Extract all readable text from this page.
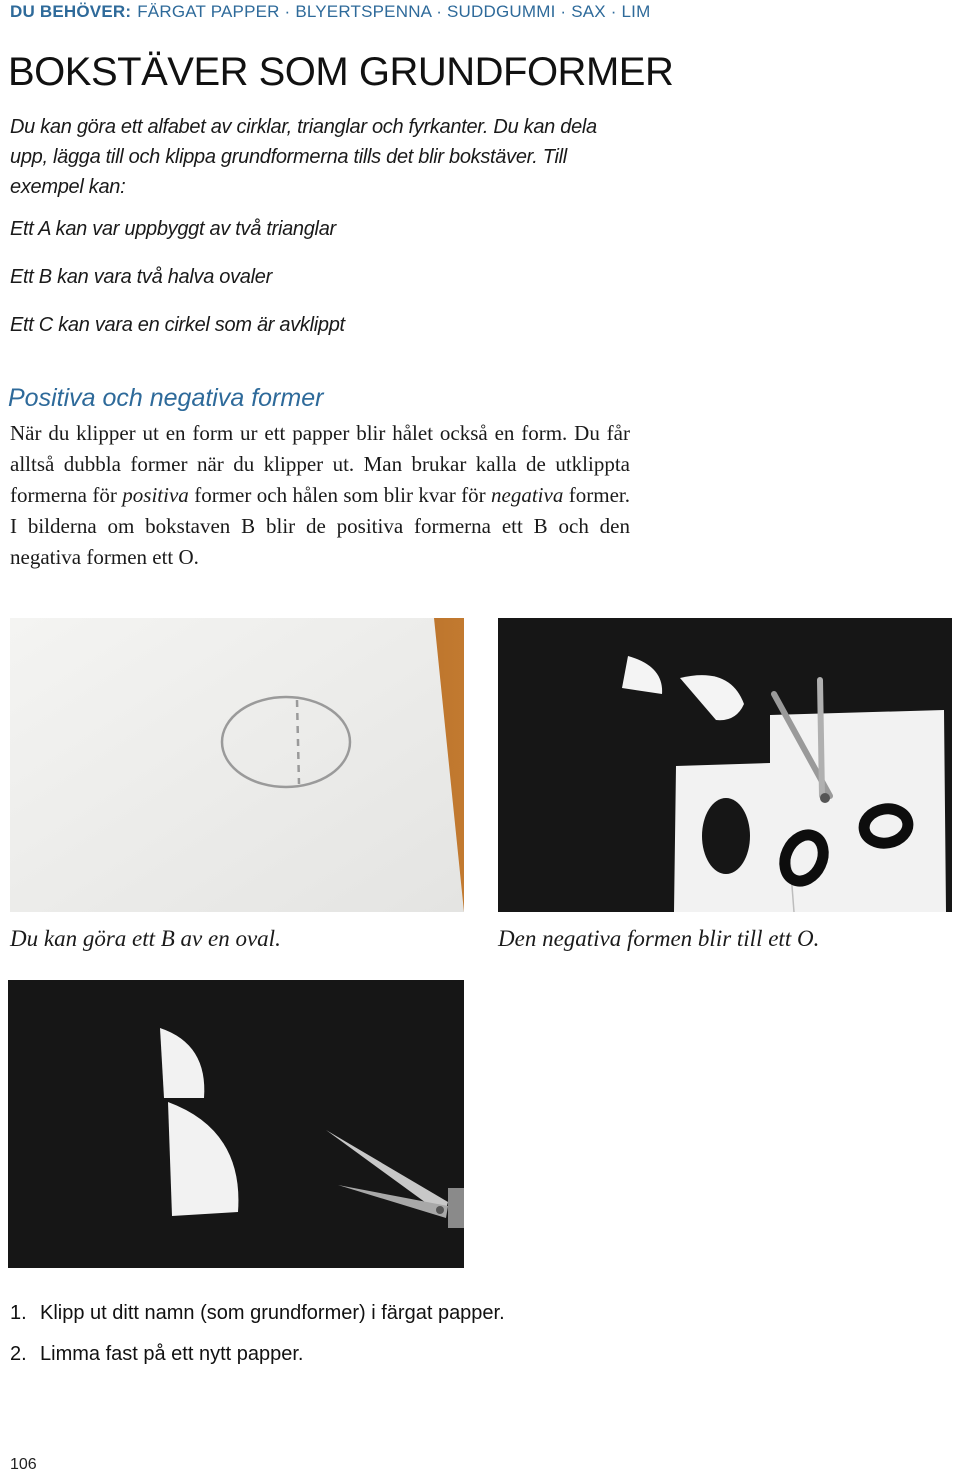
DU BEHÖVER: FÄRGAT PAPPER · BLYERTSPENNA · SUDDGUMMI · SAX · LIM
BOKSTÄVER SOM GRUNDFORMER
Du kan göra ett alfabet av cirklar, trianglar och fyrkanter. Du kan dela upp, lägga till och klippa grundformerna tills det blir bokstäver. Till exempel kan:
Ett A kan var uppbyggt av två trianglar
Ett B kan vara två halva ovaler
Ett C kan vara en cirkel som är avklippt
Positiva och negativa former
När du klipper ut en form ur ett papper blir hålet också en form. Du får alltså dubbla former när du klipper ut. Man brukar kalla de utklippta formerna för positiva former och hålen som blir kvar för negativa former. I bilderna om bokstaven B blir de positiva formerna ett B och den negativa formen ett O.
Du kan göra ett B av en oval.	Den negativa formen blir till ett O.
1. Klipp ut ditt namn (som grundformer) i färgat papper.
2. Limma fast på ett nytt papper.
106
